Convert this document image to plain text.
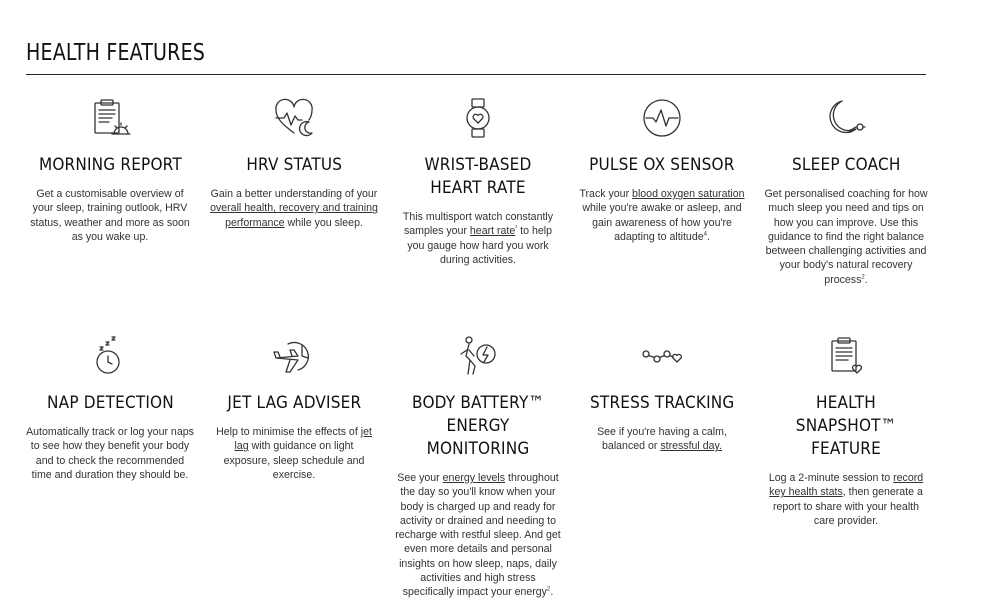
HEALTH FEATURES
MORNING REPORT

Get a customisable overview of your sleep, training outlook, HRV status, weather and more as soon as you wake up.

HRV STATUS

Gain a better understanding of your overall health, recovery and training performance while you sleep.

WRIST-BASED HEART RATE

This multisport watch constantly samples your heart rate$^{^2}$ to help you gauge how hard you work during activities.

PULSE OX SENSOR

Track your blood oxygen saturation while you're awake or asleep, and gain awareness of how you're adapting to altitude$^4$.

SLEEP COACH

Get personalised coaching for how much sleep you need and tips on how you can improve. Use this guidance to find the right balance between challenging activities and your body's natural recovery process$^2$.

NAP DETECTION

Automatically track or log your naps to see how they benefit your body and to check the recommended time and duration they should be.

JET LAG ADVISER

Help to minimise the effects of jet lag with guidance on light exposure, sleep schedule and exercise.

BODY BATTERY™
ENERGY MONITORING

See your energy levels throughout the day so you'll know when your body is charged up and ready for activity or drained and needing to recharge with restful sleep. And get even more details and personal insights on how sleep, naps, daily activities and high stress specifically impact your energy$^2$.

STRESS TRACKING

See if you're having a calm, balanced or stressful day.

HEALTH SNAPSHOT™
FEATURE

Log a 2-minute session to record key health stats, then generate a report to share with your health care provider.
